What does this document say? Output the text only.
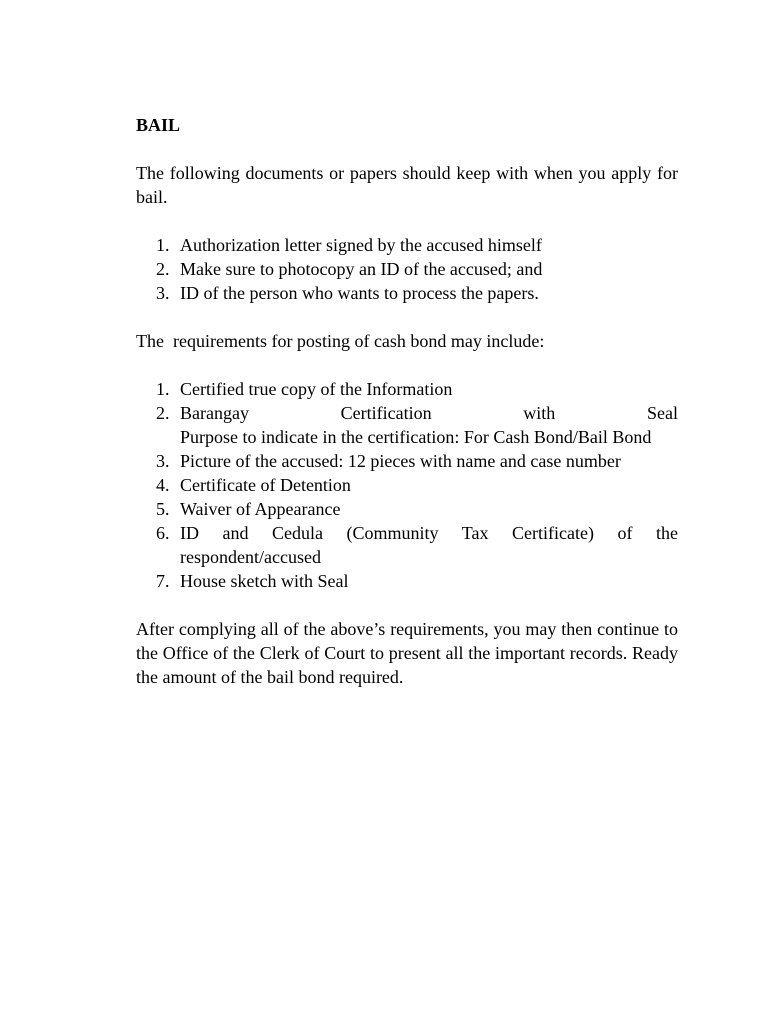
BAIL

The following documents or papers should keep with when you apply for bail.

1. Authorization letter signed by the accused himself
2. Make sure to photocopy an ID of the accused; and
3. ID of the person who wants to process the papers.

The  requirements for posting of cash bond may include:

1. Certified true copy of the Information
2. Barangay Certification with Seal
Purpose to indicate in the certification: For Cash Bond/Bail Bond
3. Picture of the accused: 12 pieces with name and case number
4. Certificate of Detention
5. Waiver of Appearance
6. ID and Cedula (Community Tax Certificate) of the respondent/accused
7. House sketch with Seal

After complying all of the above’s requirements, you may then continue to the Office of the Clerk of Court to present all the important records. Ready the amount of the bail bond required.
